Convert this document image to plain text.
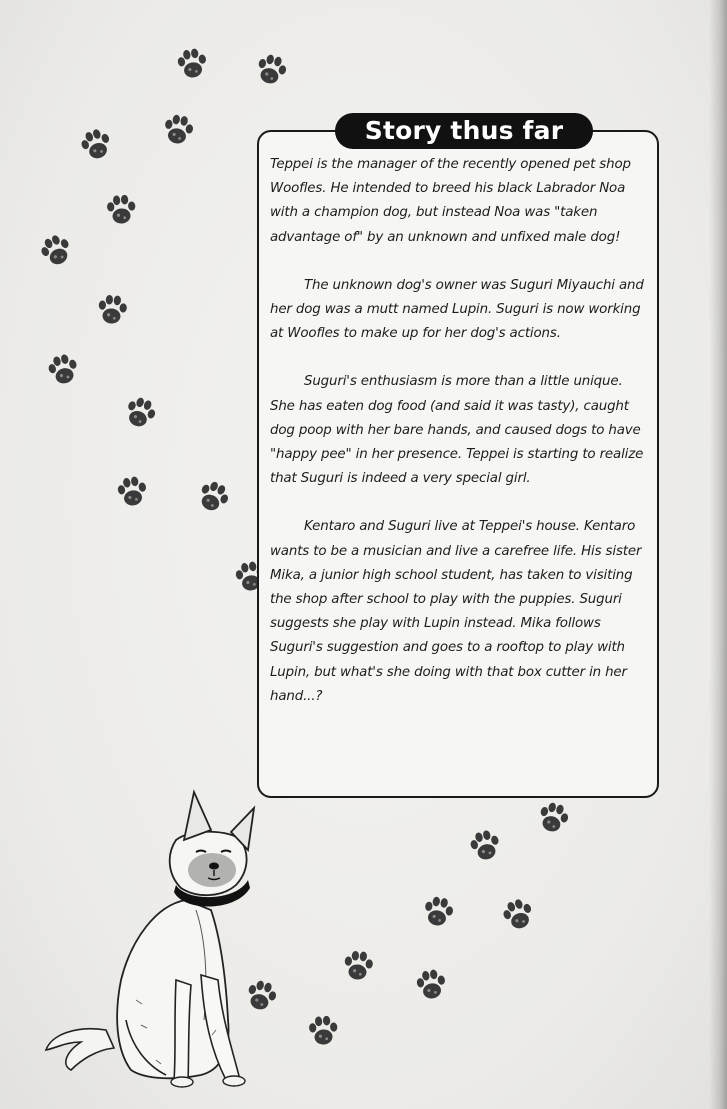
Story thus far

Teppei is the manager of the recently opened pet shop Woofles. He intended to breed his black Labrador Noa with a champion dog, but instead Noa was "taken advantage of" by an unknown and unfixed male dog!

The unknown dog's owner was Suguri Miyauchi and her dog was a mutt named Lupin. Suguri is now working at Woofles to make up for her dog's actions.

Suguri's enthusiasm is more than a little unique. She has eaten dog food (and said it was tasty), caught dog poop with her bare hands, and caused dogs to have "happy pee" in her presence. Teppei is starting to realize that Suguri is indeed a very special girl.

Kentaro and Suguri live at Teppei's house. Kentaro wants to be a musician and live a carefree life. His sister Mika, a junior high school student, has taken to visiting the shop after school to play with the puppies. Suguri suggests she play with Lupin instead. Mika follows Suguri's suggestion and goes to a rooftop to play with Lupin, but what's she doing with that box cutter in her hand...?
